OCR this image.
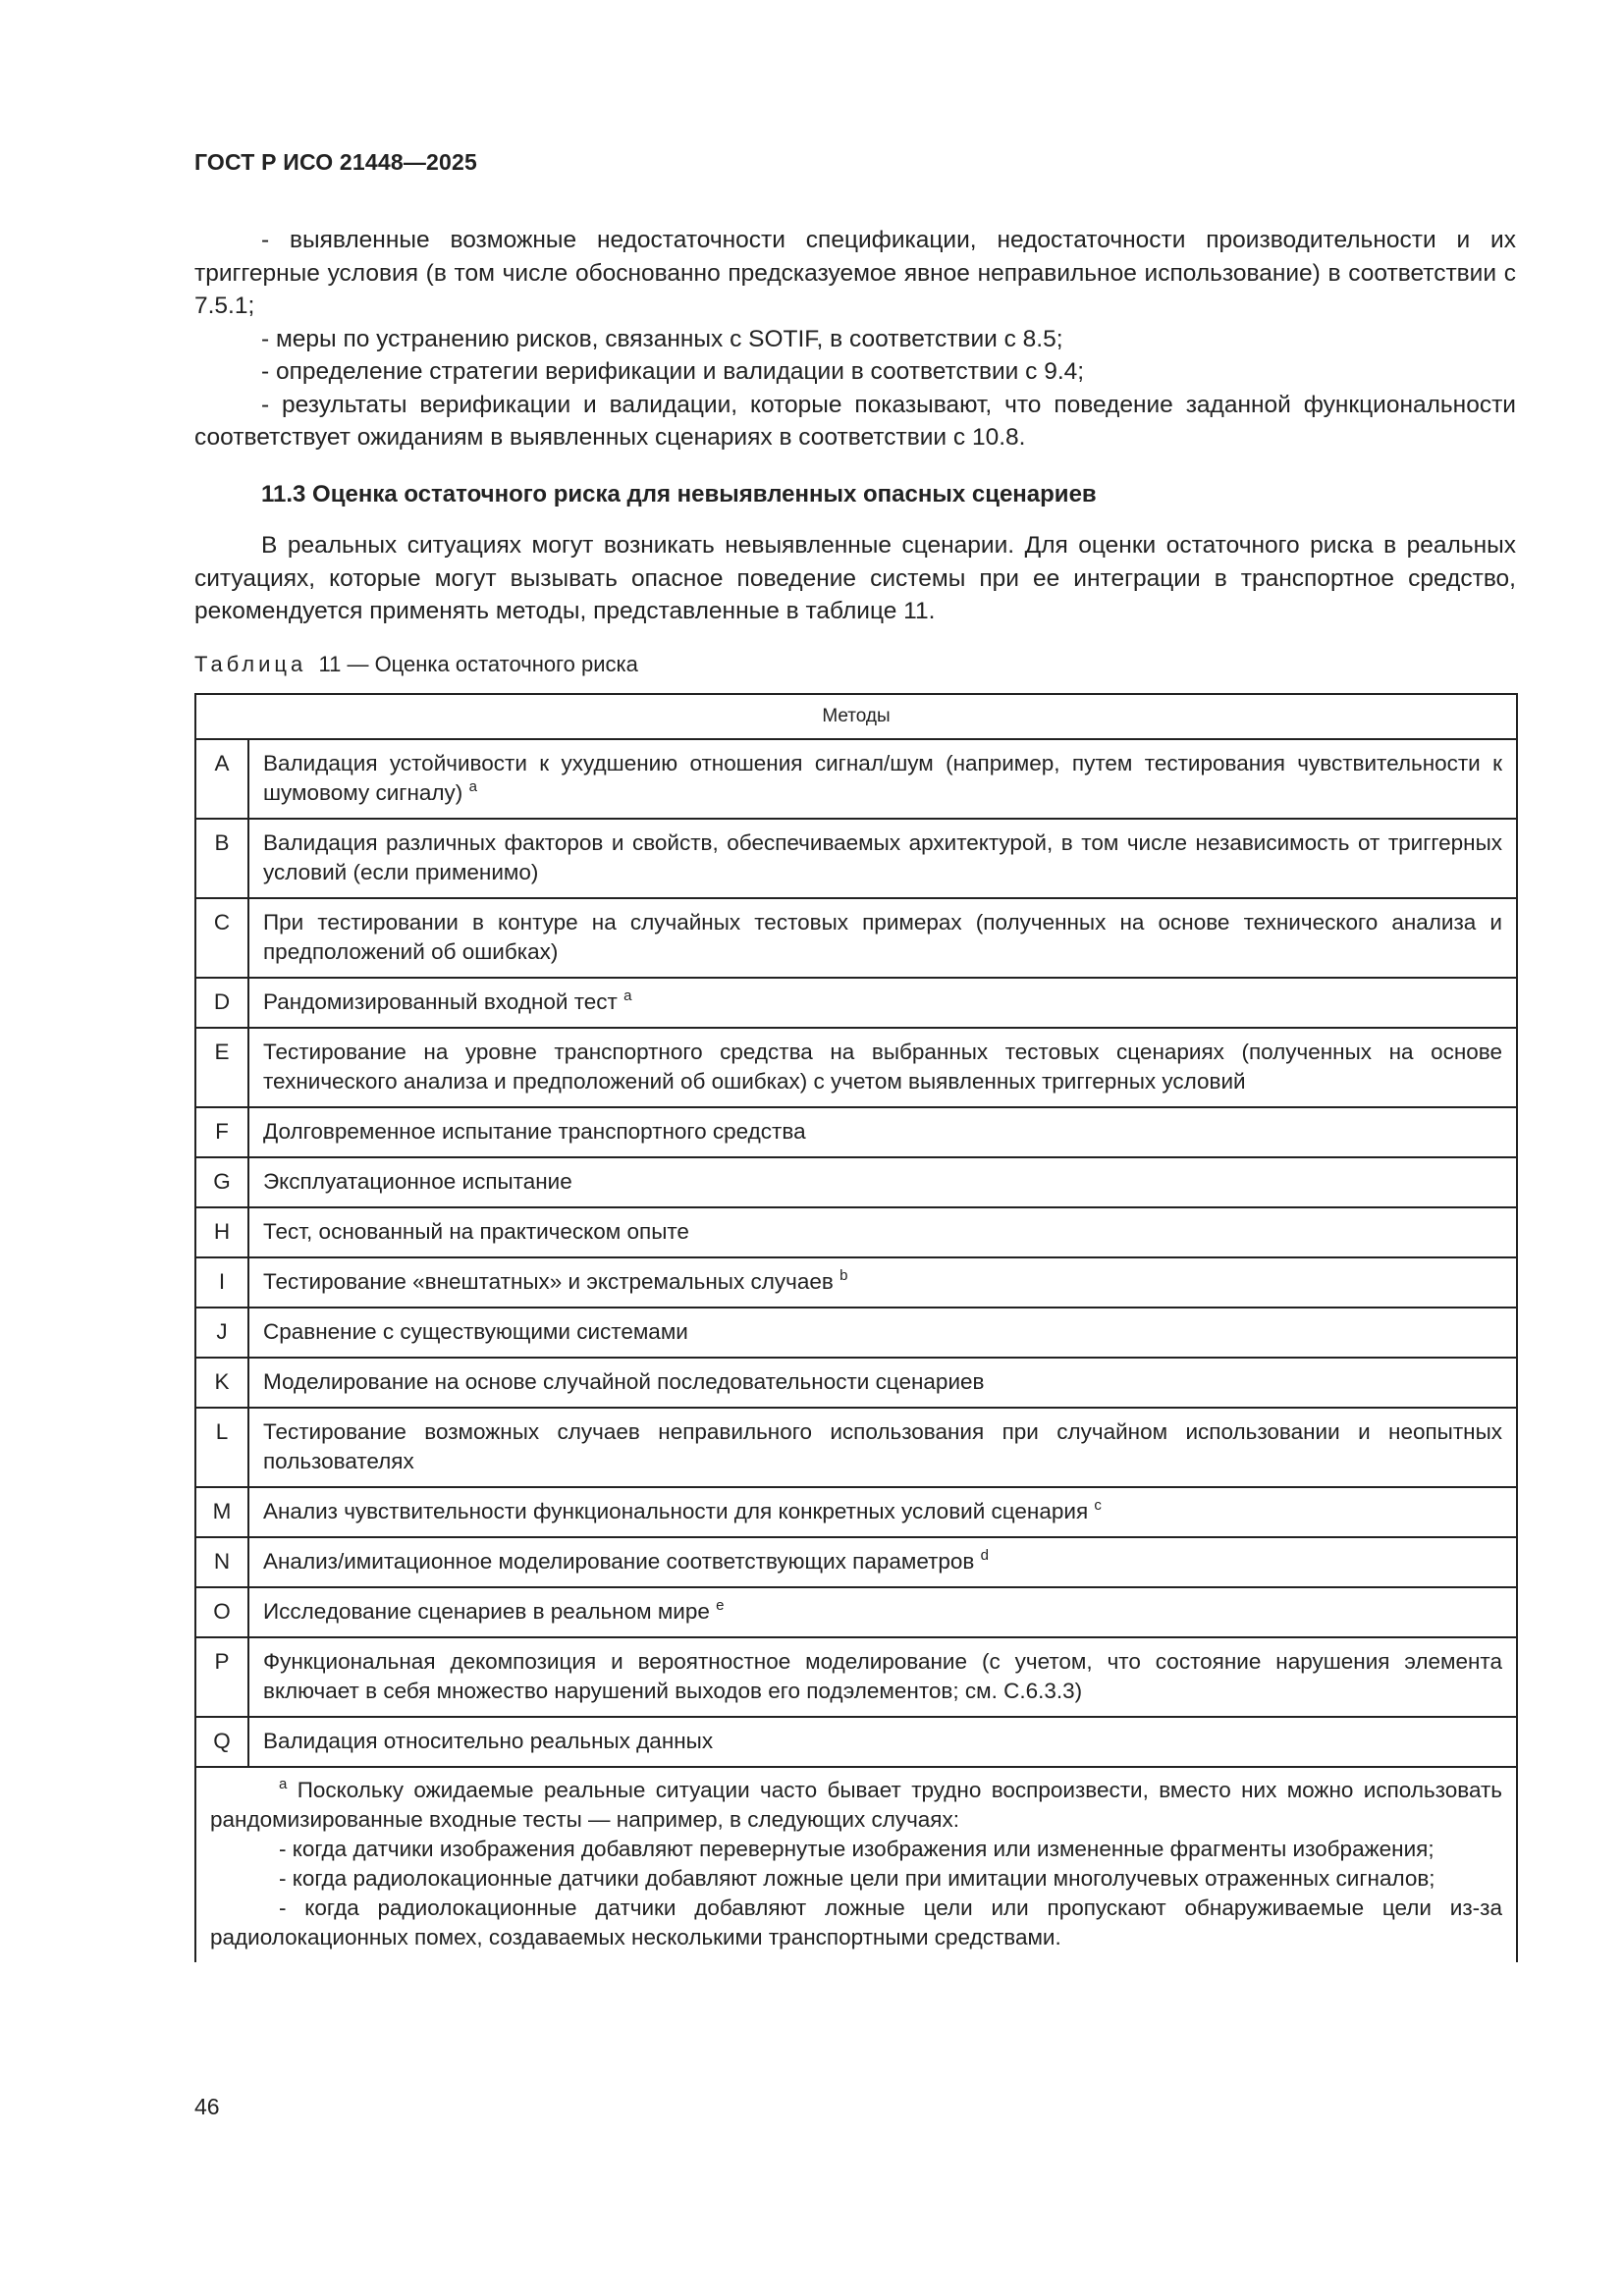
ГОСТ Р ИСО 21448—2025

- выявленные возможные недостаточности спецификации, недостаточности производительности и их триггерные условия (в том числе обоснованно предсказуемое явное неправильное использование) в соответствии с 7.5.1;

- меры по устранению рисков, связанных с SOTIF, в соответствии с 8.5;

- определение стратегии верификации и валидации в соответствии с 9.4;

- результаты верификации и валидации, которые показывают, что поведение заданной функциональности соответствует ожиданиям в выявленных сценариях в соответствии с 10.8.

11.3 Оценка остаточного риска для невыявленных опасных сценариев

В реальных ситуациях могут возникать невыявленные сценарии. Для оценки остаточного риска в реальных ситуациях, которые могут вызывать опасное поведение системы при ее интеграции в транспортное средство, рекомендуется применять методы, представленные в таблице 11.

Таблица 11 — Оценка остаточного риска
Методы	
A	Валидация устойчивости к ухудшению отношения сигнал/шум (например, путем тестирования чувствительности к шумовому сигналу) $^a$
B	Валидация различных факторов и свойств, обеспечиваемых архитектурой, в том числе независимость от триггерных условий (если применимо)
C	При тестировании в контуре на случайных тестовых примерах (полученных на основе технического анализа и предположений об ошибках)
D	Рандомизированный входной тест $^a$
E	Тестирование на уровне транспортного средства на выбранных тестовых сценариях (полученных на основе технического анализа и предположений об ошибках) с учетом выявленных триггерных условий
F	Долговременное испытание транспортного средства
G	Эксплуатационное испытание
H	Тест, основанный на практическом опыте
I	Тестирование «внештатных» и экстремальных случаев $^b$
J	Сравнение с существующими системами
K	Моделирование на основе случайной последовательности сценариев
L	Тестирование возможных случаев неправильного использования при случайном использовании и неопытных пользователях
M	Анализ чувствительности функциональности для конкретных условий сценария $^c$
N	Анализ/имитационное моделирование соответствующих параметров $^d$
O	Исследование сценариев в реальном мире $^e$
P	Функциональная декомпозиция и вероятностное моделирование (с учетом, что состояние нарушения элемента включает в себя множество нарушений выходов его подэлементов; см. С.6.3.3)
Q	Валидация относительно реальных данных

$^a$ Поскольку ожидаемые реальные ситуации часто бывает трудно воспроизвести, вместо них можно использовать рандомизированные входные тесты — например, в следующих случаях:

- когда датчики изображения добавляют перевернутые изображения или измененные фрагменты изображения;

- когда радиолокационные датчики добавляют ложные цели при имитации многолучевых отраженных сигналов;

- когда радиолокационные датчики добавляют ложные цели или пропускают обнаруживаемые цели из-за радиолокационных помех, создаваемых несколькими транспортными средствами.	

46
